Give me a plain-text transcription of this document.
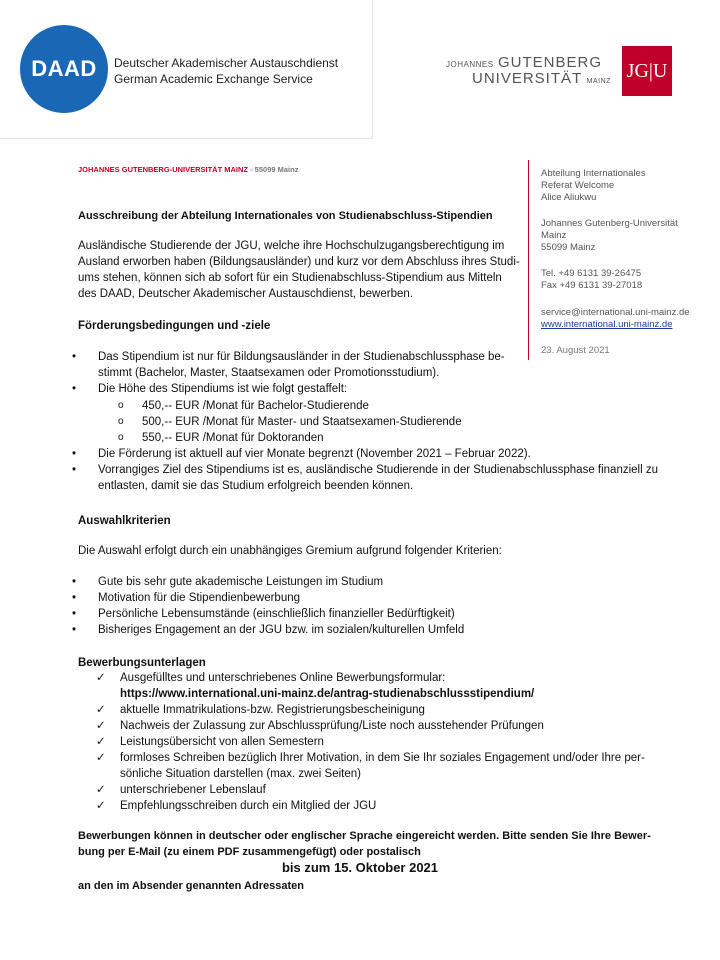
DAAD Deutscher Akademischer Austauschdienst
German Academic Exchange Service
JOHANNES GUTENBERG
UNIVERSITÄT MAINZ JG|U
JOHANNES GUTENBERG-UNIVERSITÄT MAINZ - 55099 Mainz	Abteilung Internationales
Referat Welcome
Alice Aliukwu
Johannes Gutenberg-Universität
Mainz
55099 Mainz
Tel. +49 6131 39-26475
Fax +49 6131 39-27018
service@international.uni-mainz.de
www.international.uni-mainz.de
23. August 2021
Ausschreibung der Abteilung Internationales von Studienabschluss-Stipendien
Ausländische Studierende der JGU, welche ihre Hochschulzugangsberechtigung im
Ausland erworben haben (Bildungsausländer) und kurz vor dem Abschluss ihres Studi-
ums stehen, können sich ab sofort für ein Studienabschluss-Stipendium aus Mitteln
des DAAD, Deutscher Akademischer Austauschdienst, bewerben.
Förderungsbedingungen und -ziele
• Das Stipendium ist nur für Bildungsausländer in der Studienabschlussphase be-
stimmt (Bachelor, Master, Staatsexamen oder Promotionsstudium).
• Die Höhe des Stipendiums ist wie folgt gestaffelt:
o 450,-- EUR /Monat für Bachelor-Studierende
o 500,-- EUR /Monat für Master- und Staatsexamen-Studierende
o 550,-- EUR /Monat für Doktoranden
• Die Förderung ist aktuell auf vier Monate begrenzt (November 2021 – Februar 2022).
• Vorrangiges Ziel des Stipendiums ist es, ausländische Studierende in der Studienabschlussphase finanziell zu
entlasten, damit sie das Studium erfolgreich beenden können.
Auswahlkriterien
Die Auswahl erfolgt durch ein unabhängiges Gremium aufgrund folgender Kriterien:
• Gute bis sehr gute akademische Leistungen im Studium
• Motivation für die Stipendienbewerbung
• Persönliche Lebensumstände (einschließlich finanzieller Bedürftigkeit)
• Bisheriges Engagement an der JGU bzw. im sozialen/kulturellen Umfeld
Bewerbungsunterlagen
✓ Ausgefülltes und unterschriebenes Online Bewerbungsformular:
https://www.international.uni-mainz.de/antrag-studienabschlussstipendium/
✓ aktuelle Immatrikulations-bzw. Registrierungsbescheinigung
✓ Nachweis der Zulassung zur Abschlussprüfung/Liste noch ausstehender Prüfungen
✓ Leistungsübersicht von allen Semestern
✓ formloses Schreiben bezüglich Ihrer Motivation, in dem Sie Ihr soziales Engagement und/oder Ihre per-
sönliche Situation darstellen (max. zwei Seiten)
✓ unterschriebener Lebenslauf
✓ Empfehlungsschreiben durch ein Mitglied der JGU
Bewerbungen können in deutscher oder englischer Sprache eingereicht werden. Bitte senden Sie Ihre Bewer-
bung per E-Mail (zu einem PDF zusammengefügt) oder postalisch
bis zum 15. Oktober 2021
an den im Absender genannten Adressaten
